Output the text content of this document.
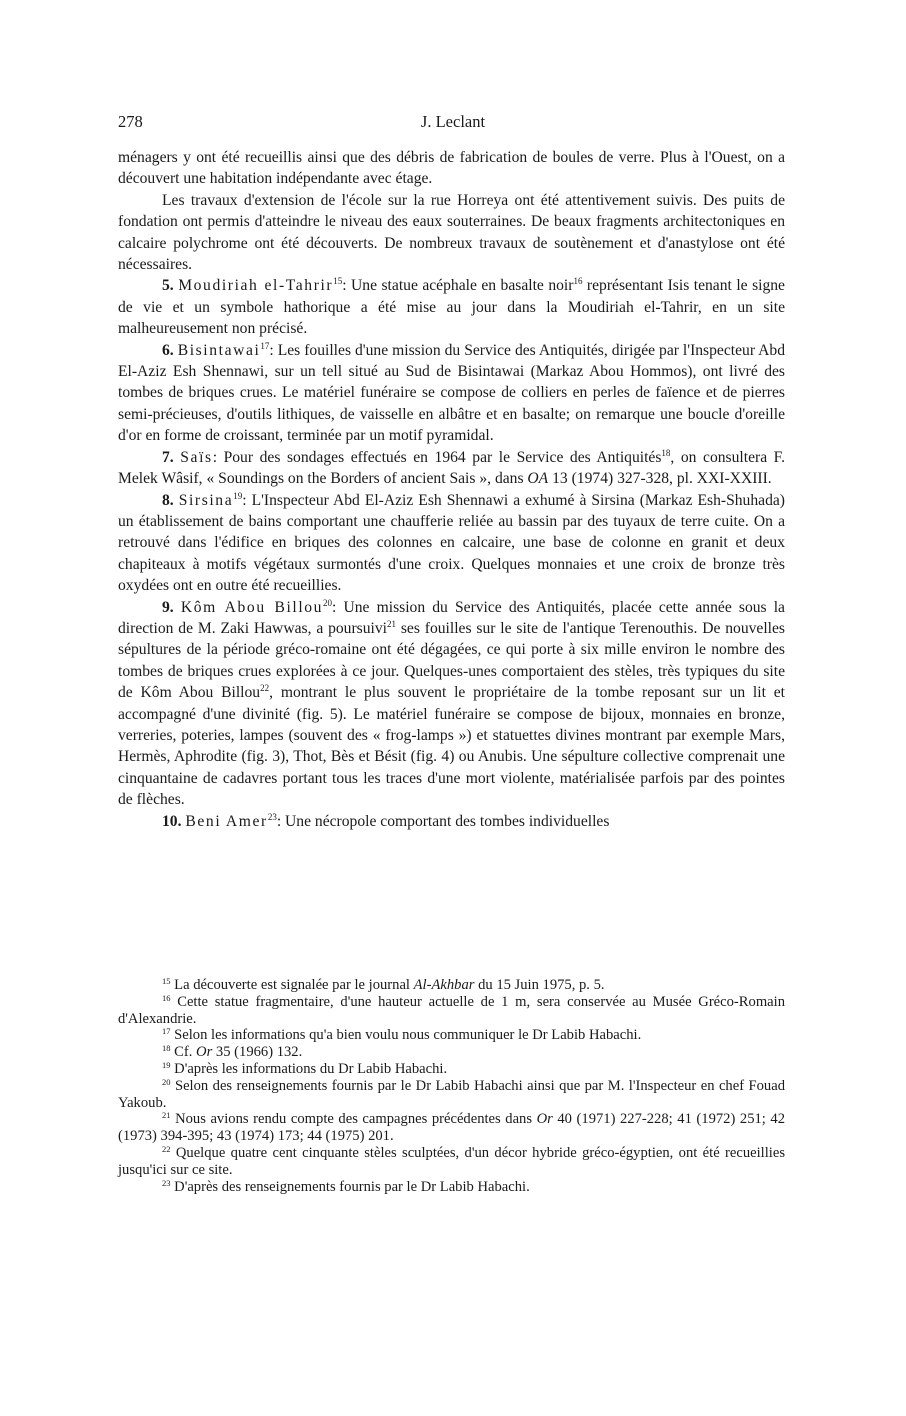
278	J. Leclant

ménagers y ont été recueillis ainsi que des débris de fabrication de boules de verre. Plus à l'Ouest, on a découvert une habitation indépendante avec étage.

Les travaux d'extension de l'école sur la rue Horreya ont été attentivement suivis. Des puits de fondation ont permis d'atteindre le niveau des eaux souterraines. De beaux fragments architectoniques en calcaire polychrome ont été découverts. De nombreux travaux de soutènement et d'anastylose ont été nécessaires.

5. Moudiriah el-Tahrir$^{15}$: Une statue acéphale en basalte noir$^{16}$ représentant Isis tenant le signe de vie et un symbole hathorique a été mise au jour dans la Moudiriah el-Tahrir, en un site malheureusement non précisé.

6. Bisintawai$^{17}$: Les fouilles d'une mission du Service des Antiquités, dirigée par l'Inspecteur Abd El-Aziz Esh Shennawi, sur un tell situé au Sud de Bisintawai (Markaz Abou Hommos), ont livré des tombes de briques crues. Le matériel funéraire se compose de colliers en perles de faïence et de pierres semi-précieuses, d'outils lithiques, de vaisselle en albâtre et en basalte; on remarque une boucle d'oreille d'or en forme de croissant, terminée par un motif pyramidal.

7. Saïs: Pour des sondages effectués en 1964 par le Service des Antiquités$^{18}$, on consultera F. Melek Wâsif, « Soundings on the Borders of ancient Sais », dans OA 13 (1974) 327-328, pl. XXI-XXIII.

8. Sirsina$^{19}$: L'Inspecteur Abd El-Aziz Esh Shennawi a exhumé à Sirsina (Markaz Esh-Shuhada) un établissement de bains comportant une chaufferie reliée au bassin par des tuyaux de terre cuite. On a retrouvé dans l'édifice en briques des colonnes en calcaire, une base de colonne en granit et deux chapiteaux à motifs végétaux surmontés d'une croix. Quelques monnaies et une croix de bronze très oxydées ont en outre été recueillies.

9. Kôm Abou Billou$^{20}$: Une mission du Service des Antiquités, placée cette année sous la direction de M. Zaki Hawwas, a poursuivi$^{21}$ ses fouilles sur le site de l'antique Terenouthis. De nouvelles sépultures de la période gréco-romaine ont été dégagées, ce qui porte à six mille environ le nombre des tombes de briques crues explorées à ce jour. Quelques-unes comportaient des stèles, très typiques du site de Kôm Abou Billou$^{22}$, montrant le plus souvent le propriétaire de la tombe reposant sur un lit et accompagné d'une divinité (fig. 5). Le matériel funéraire se compose de bijoux, monnaies en bronze, verreries, poteries, lampes (souvent des « frog-lamps ») et statuettes divines montrant par exemple Mars, Hermès, Aphrodite (fig. 3), Thot, Bès et Bésit (fig. 4) ou Anubis. Une sépulture collective comprenait une cinquantaine de cadavres portant tous les traces d'une mort violente, matérialisée parfois par des pointes de flèches.

10. Beni Amer$^{23}$: Une nécropole comportant des tombes individuelles

$^{15}$ La découverte est signalée par le journal Al-Akhbar du 15 Juin 1975, p. 5.

$^{16}$ Cette statue fragmentaire, d'une hauteur actuelle de 1 m, sera conservée au Musée Gréco-Romain d'Alexandrie.

$^{17}$ Selon les informations qu'a bien voulu nous communiquer le Dr Labib Habachi.

$^{18}$ Cf. Or 35 (1966) 132.

$^{19}$ D'après les informations du Dr Labib Habachi.

$^{20}$ Selon des renseignements fournis par le Dr Labib Habachi ainsi que par M. l'Inspecteur en chef Fouad Yakoub.

$^{21}$ Nous avions rendu compte des campagnes précédentes dans Or 40 (1971) 227-228; 41 (1972) 251; 42 (1973) 394-395; 43 (1974) 173; 44 (1975) 201.

$^{22}$ Quelque quatre cent cinquante stèles sculptées, d'un décor hybride gréco-égyptien, ont été recueillies jusqu'ici sur ce site.

$^{23}$ D'après des renseignements fournis par le Dr Labib Habachi.
